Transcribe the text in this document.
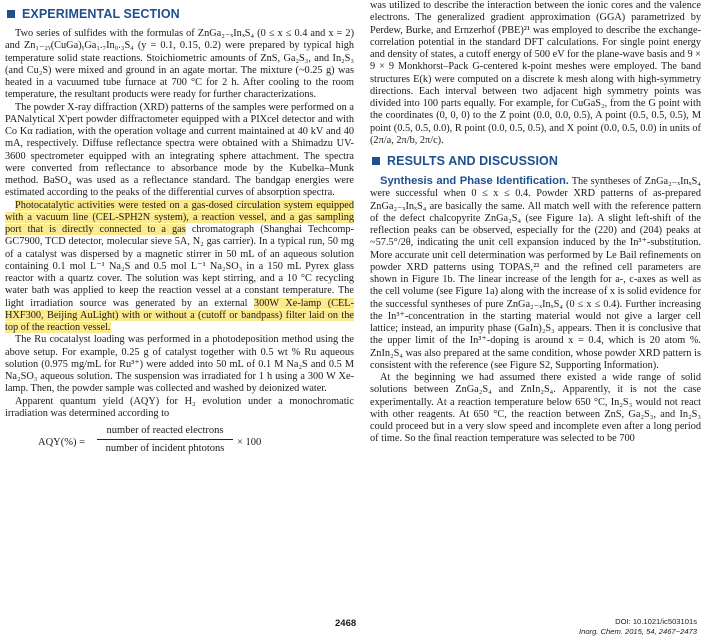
EXPERIMENTAL SECTION

Two series of sulfides with the formulas of ZnGa₂₋ₓInₓS₄ (0 ≤ x ≤ 0.4 and x = 2) and Zn₁₋₂ᵧ(CuGa)ᵧGa₁.₇In₀.₃S₄ (y = 0.1, 0.15, 0.2) were prepared by typical high temperature solid state reactions. Stoichiometric amounts of ZnS, Ga₂S₃, and In₂S₃ (and Cu₂S) were mixed and ground in an agate mortar. The mixture (~0.25 g) was heated in a vacuumed tube furnace at 700 °C for 2 h. After cooling to the room temperature, the resultant products were ready for further characterizations.

The powder X-ray diffraction (XRD) patterns of the samples were performed on a PANalytical X'pert powder diffractometer equipped with a PIXcel detector and with Co Kα radiation, with the operation voltage and current maintained at 40 kV and 40 mA, respectively. Diffuse reflectance spectra were obtained with a Shimadzu UV-3600 spectrometer equipped with an integrating sphere attachment. The spectra were converted from reflectance to absorbance mode by the Kubelka–Munk method. BaSO₄ was used as a reflectance standard. The bandgap energies were estimated according to the peaks of the differential curves of absorption spectra.

Photocatalytic activities were tested on a gas-dosed circulation system equipped with a vacuum line (CEL-SPH2N system), a reaction vessel, and a gas sampling port that is directly connected to a gas chromatograph (Shanghai Techcomp-GC7900, TCD detector, molecular sieve 5A, N₂ gas carrier). In a typical run, 50 mg of a catalyst was dispersed by a magnetic stirrer in 50 mL of an aqueous solution containing 0.1 mol L⁻¹ Na₂S and 0.5 mol L⁻¹ Na₂SO₃ in a 150 mL Pyrex glass reactor with a quartz cover. The solution was kept stirring, and a 10 °C recycling water bath was applied to keep the reaction vessel at a constant temperature. The light irradiation source was generated by an external 300W Xe-lamp (CEL-HXF300, Beijing AuLight) with or without a (cutoff or bandpass) filter laid on the top of the reaction vessel.

The Ru cocatalyst loading was performed in a photodeposition method using the above setup. For example, 0.25 g of catalyst together with 0.5 wt % Ru aqueous solution (0.975 mg/mL for Ru³⁺) were added into 50 mL of 0.1 M Na₂S and 0.5 M Na₂SO₃ aqueous solution. The suspension was irradiated for 1 h using a 300 W Xe-lamp. Then, the powder sample was collected and washed by deionized water.

Apparent quantum yield (AQY) for H₂ evolution under a monochromatic irradiation was determined according to

AQY(%) =
number of reacted electrons
number of incident phtotons
× 100

was utilized to describe the interaction between the ionic cores and the valence electrons. The generalized gradient approximation (GGA) parametrized by Perdew, Burke, and Ernzerhof (PBE)²¹ was employed to describe the exchange-correlation potential in the standard DFT calculations. For single point energy and density of states, a cutoff energy of 500 eV for the plane-wave basis and 9 × 9 × 9 Monkhorst–Pack G-centered k-point meshes were employed. The band structures E(k) were computed on a discrete k mesh along with high-symmetry directions. Each interval between two adjacent high symmetry points was divided into 100 parts equally. For example, for CuGaS₂, from the G point with the coordinates (0, 0, 0) to the Z point (0.0, 0.0, 0.5), A point (0.5, 0.5, 0.5), M point (0.5, 0.5, 0.0), R point (0.0, 0.5, 0.5), and X point (0.0, 0.5, 0.0) in units of (2π/a, 2π/b, 2π/c).

RESULTS AND DISCUSSION

Synthesis and Phase Identification. The syntheses of ZnGa₂₋ₓInₓS₄ were successful when 0 ≤ x ≤ 0.4. Powder XRD patterns of as-prepared ZnGa₂₋ₓInₓS₄ are basically the same. All match well with the reference pattern of the defect chalcopyrite ZnGa₂S₄ (see Figure 1a). A slight left-shift of the reflection peaks can be observed, especially for the (220) and (204) peaks at ~57.5°/2θ, indicating the unit cell expansion induced by the In³⁺-substitution. More accurate unit cell determination was performed by Le Bail refinements on powder XRD patterns using TOPAS,²² and the refined cell parameters are shown in Figure 1b. The linear increase of the length for a-, c-axes as well as the cell volume (see Figure 1a) along with the increase of x is solid evidence for the successful syntheses of pure ZnGa₂₋ₓInₓS₄ (0 ≤ x ≤ 0.4). Further increasing the In³⁺-concentration in the starting material would not give a larger cell lattice; instead, an impurity phase (GaIn)₂S₃ appears. Then it is conclusive that the upper limit of the In³⁺-doping is around x = 0.4, which is 20 atom %. ZnIn₂S₄ was also prepared at the same condition, whose powder XRD pattern is consistent with the reference (see Figure S2, Supporting Information).

At the beginning we had assumed there existed a wide range of solid solutions between ZnGa₂S₄ and ZnIn₂S₄. Apparently, it is not the case experimentally. At a reaction temperature below 650 °C, In₂S₃ would not react with other reagents. At 650 °C, the reaction between ZnS, Ga₂S₃, and In₂S₃ could proceed but in a very slow speed and incomplete even after a long period of time. So the final reaction temperature was selected to be 700

2468	DOI: 10.1021/ic503101s
Inorg. Chem. 2015, 54, 2467−2473
